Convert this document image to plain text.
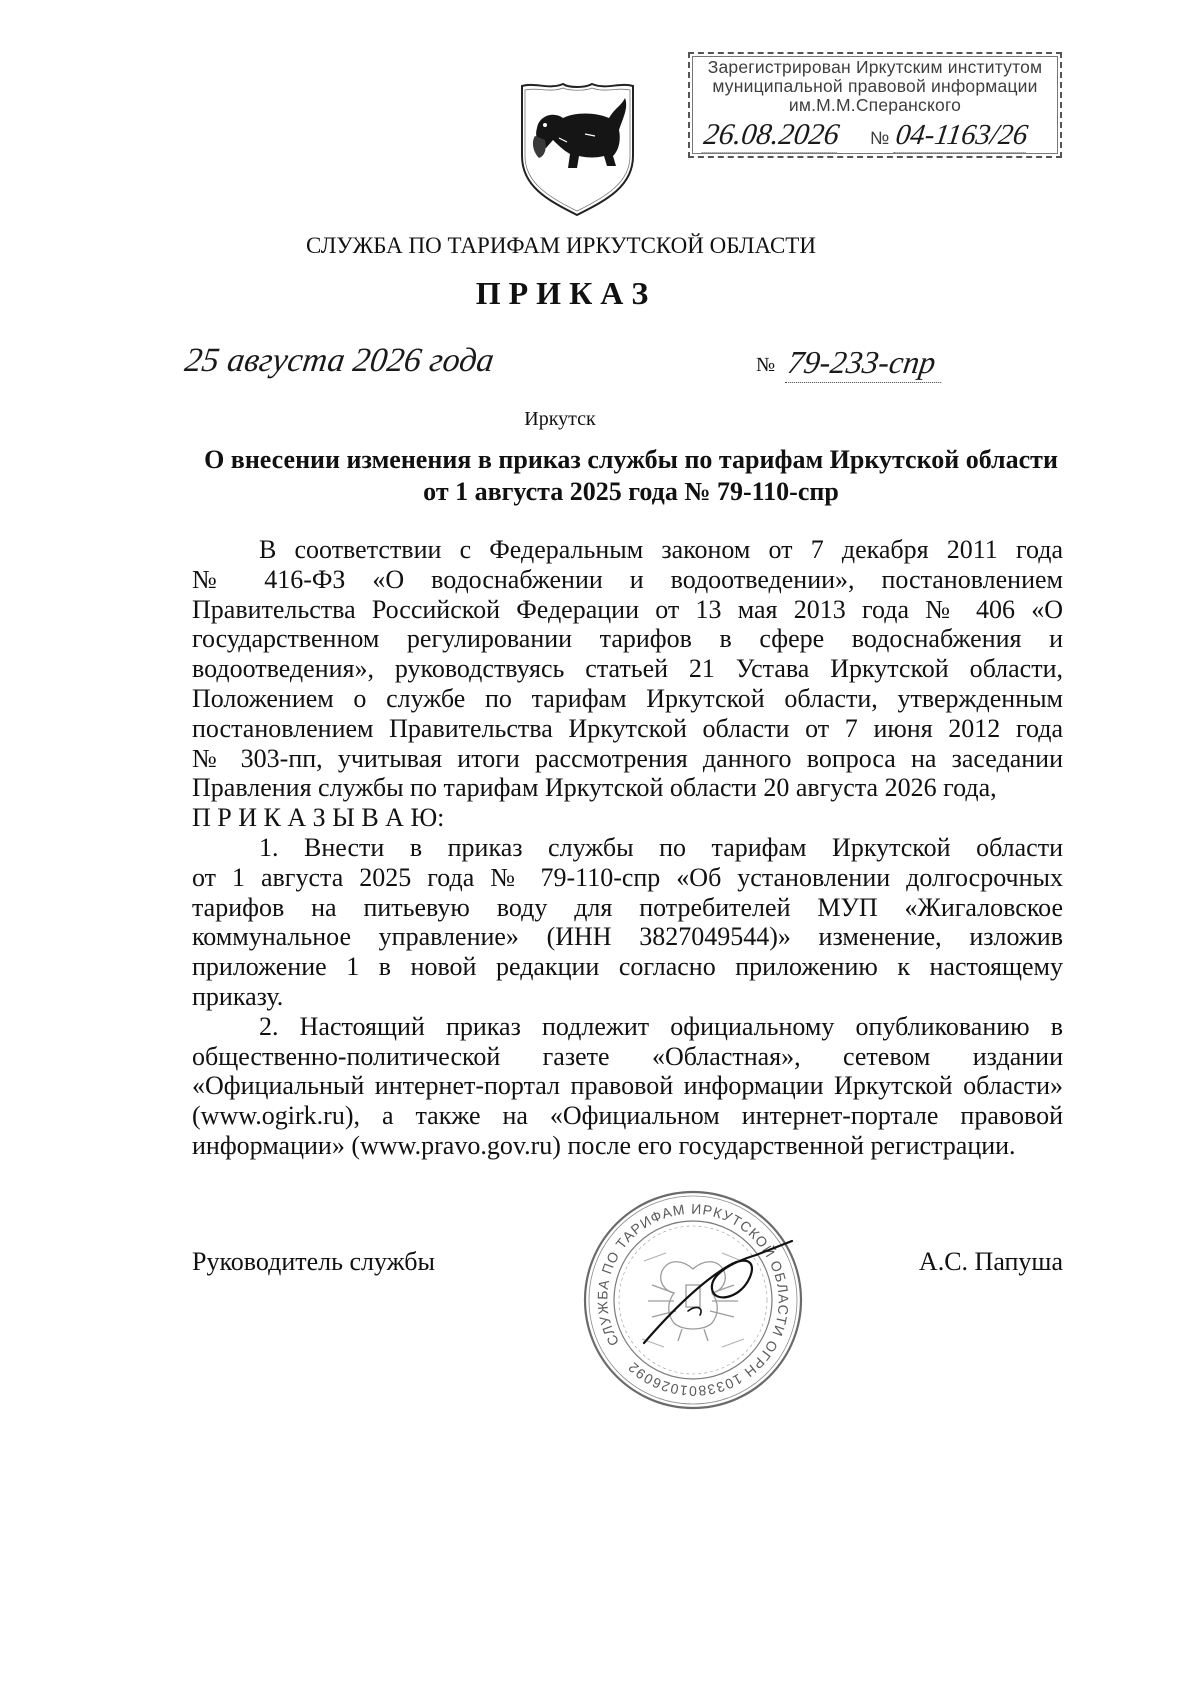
Зарегистрирован Иркутским институтом
муниципальной правовой информации
им.М.М.Сперанского
26.08.2026 № 04-1163/26
СЛУЖБА ПО ТАРИФАМ ИРКУТСКОЙ ОБЛАСТИ
П Р И К А З
25 августа 2026 года	№ 79-233-спр
Иркутск
О внесении изменения в приказ службы по тарифам Иркутской области
от 1 августа 2025 года № 79-110-спр
В соответствии с Федеральным законом от 7 декабря 2011 года
№ 416-ФЗ «О водоснабжении и водоотведении», постановлением
Правительства Российской Федерации от 13 мая 2013 года № 406 «О
государственном регулировании тарифов в сфере водоснабжения и
водоотведения», руководствуясь статьей 21 Устава Иркутской области,
Положением о службе по тарифам Иркутской области, утвержденным
постановлением Правительства Иркутской области от 7 июня 2012 года
№ 303-пп, учитывая итоги рассмотрения данного вопроса на заседании
Правления службы по тарифам Иркутской области 20 августа 2026 года,
П Р И К А З Ы В А Ю:
1. Внести в приказ службы по тарифам Иркутской области
от 1 августа 2025 года № 79-110-спр «Об установлении долгосрочных
тарифов на питьевую воду для потребителей МУП «Жигаловское
коммунальное управление» (ИНН 3827049544)» изменение, изложив
приложение 1 в новой редакции согласно приложению к настоящему
приказу.
2. Настоящий приказ подлежит официальному опубликованию в
общественно-политической газете «Областная», сетевом издании
«Официальный интернет-портал правовой информации Иркутской области»
(www.ogirk.ru), а также на «Официальном интернет-портале правовой
информации» (www.pravo.gov.ru) после его государственной регистрации.
СЛУЖБА ПО ТАРИФАМ ИРКУТСКОЙ ОБЛАСТИ ОГРН 1033801026092
Руководитель службы	А.С. Папуша
